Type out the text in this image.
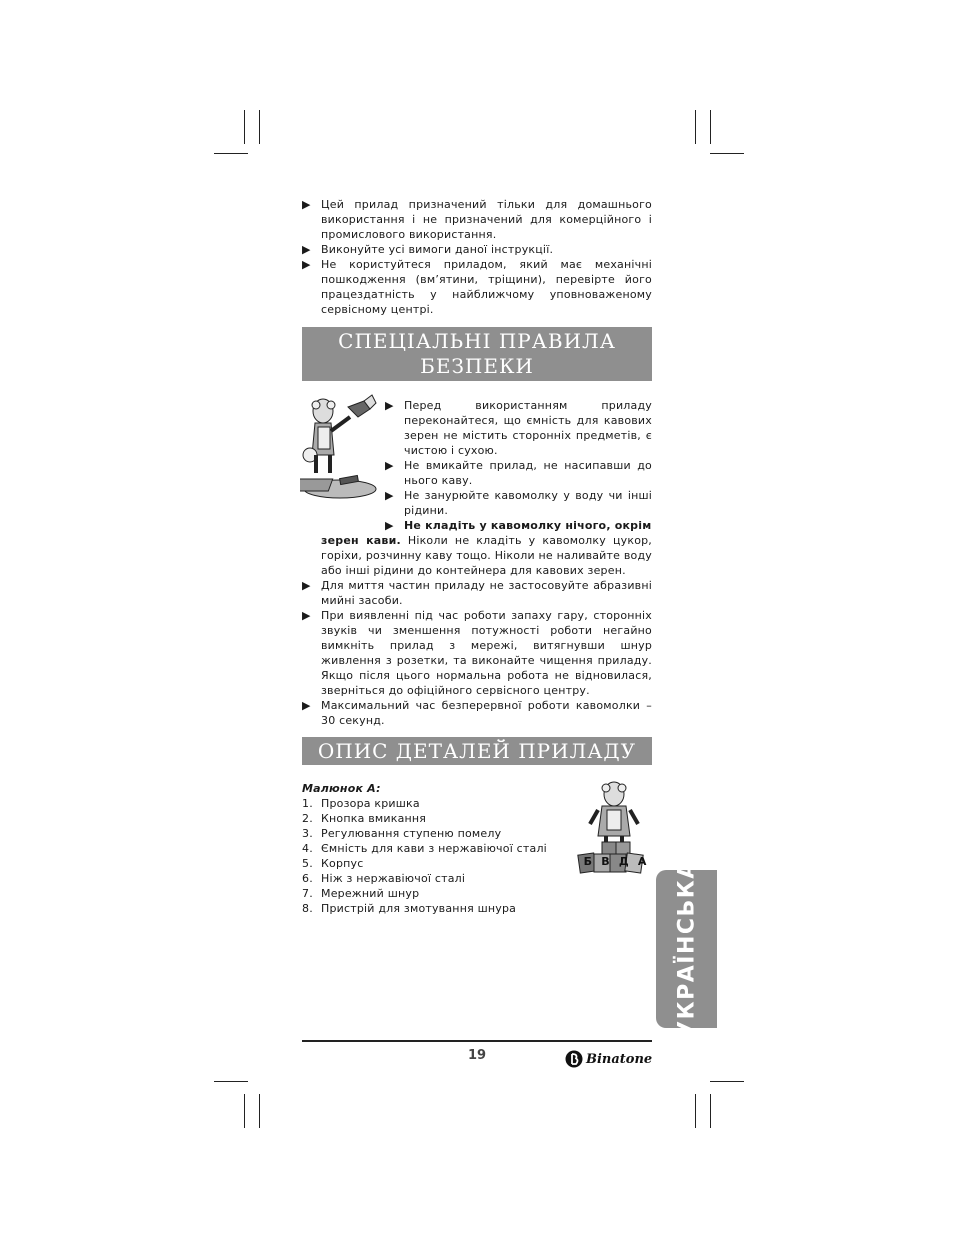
▶ Цей прилад призначений тільки для домашнього використання і не призначений для комерційного і промислового використання.
▶ Виконуйте усі вимоги даної інструкції.
▶ Не користуйтеся приладом, який має механічні пошкодження (вм’ятини, тріщини), перевірте його працездатність у найближчому уповноваженому сервісному центрі.
СПЕЦІАЛЬНІ ПРАВИЛА
БЕЗПЕКИ
▶ Перед використанням приладу переконайтеся, що ємність для кавових зерен не містить сторонніх предметів, є чистою і сухою.
▶ Не вмикайте прилад, не насипавши до нього каву.
▶ Не занурюйте кавомолку у воду чи інші рідини.
▶ Не кладіть у кавомолку нічого, окрім
зерен кави. Ніколи не кладіть у кавомолку цукор, горіхи, розчинну каву тощо. Ніколи не наливайте воду або інші рідини до контейнера для кавових зерен.
▶ Для миття частин приладу не застосовуйте абразивні мийні засоби.
▶ При виявленні під час роботи запаху гару, сторонніх звуків чи зменшення потужності роботи негайно вимкніть прилад з мережі, витягнувши шнур живлення з розетки, та виконайте чищення приладу. Якщо після цього нормальна робота не відновилася, зверніться до офіційного сервісного центру.
▶ Максимальний час безперервної роботи кавомолки – 30 секунд.
ОПИС ДЕТАЛЕЙ ПРИЛАДУ
Малюнок A:
1. Прозора кришка
2. Кнопка вмикання
3. Регулювання ступеню помелу
4. Ємність для кави з нержавіючої сталі
5. Корпус
6. Ніж з нержавіючої сталі
7. Мережний шнур
8. Пристрій для змотування шнура
Б В Д А УКРАЇНСЬКА
19	Binatone
